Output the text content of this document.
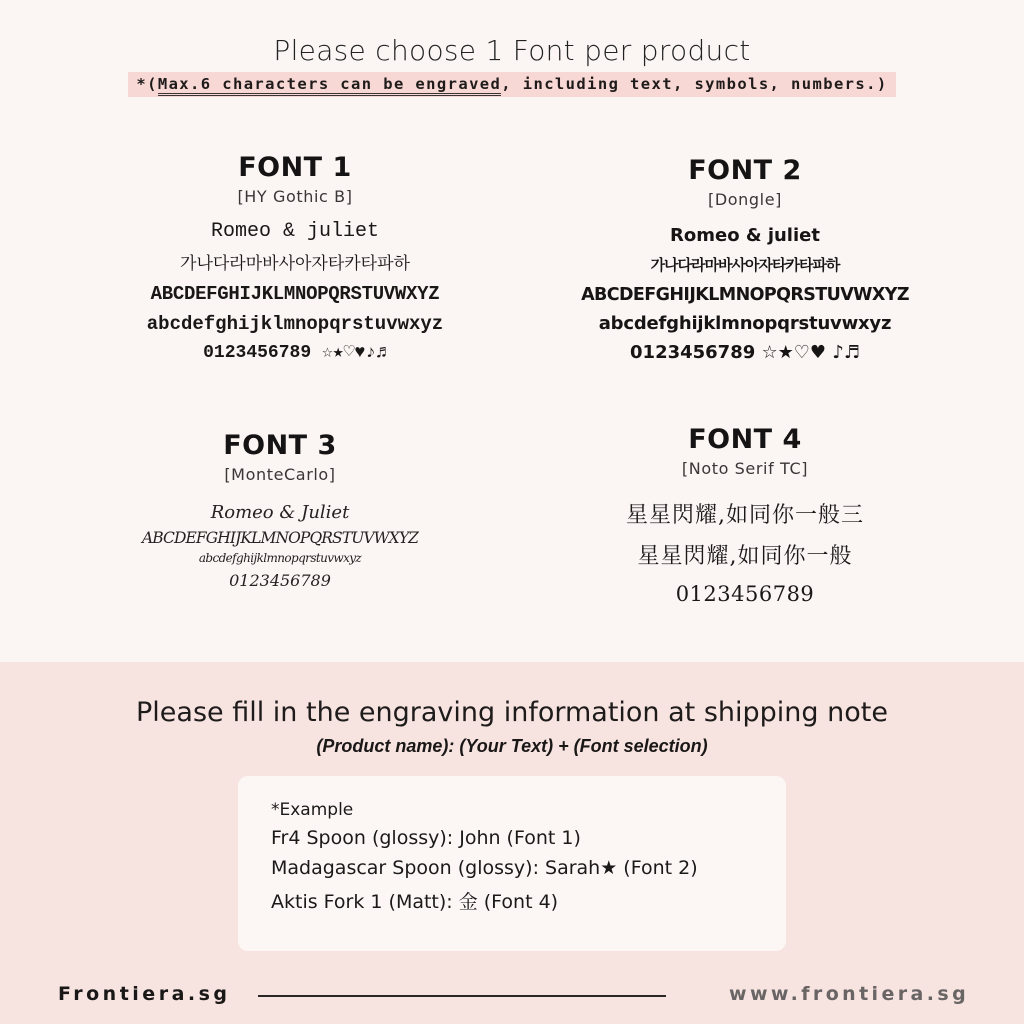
Please choose 1 Font per product
*(Max.6 characters can be engraved, including text, symbols, numbers.)
FONT 1
[HY Gothic B]
Romeo & juliet
가나다라마바사아자타카타파하
ABCDEFGHIJKLMNOPQRSTUVWXYZ
abcdefghijklmnopqrstuvwxyz
0123456789 ☆★♡♥♪♬
FONT 2
[Dongle]
Romeo & juliet
가나다라마바사아자타카타파하
ABCDEFGHIJKLMNOPQRSTUVWXYZ
abcdefghijklmnopqrstuvwxyz
0123456789 ☆★♡♥ ♪♬
FONT 3
[MonteCarlo]
Romeo & Juliet
ABCDEFGHIJKLMNOPQRSTUVWXYZ
abcdefghijklmnopqrstuvwxyz
0123456789
FONT 4
[Noto Serif TC]
星星閃耀,如同你一般三
星星閃耀,如同你一般
0123456789
Please fill in the engraving information at shipping note
(Product name): (Your Text) + (Font selection)
*Example
Fr4 Spoon (glossy): John (Font 1)
Madagascar Spoon (glossy): Sarah★ (Font 2)
Aktis Fork 1 (Matt): 金 (Font 4)
Frontiera.sg	www.frontiera.sg
